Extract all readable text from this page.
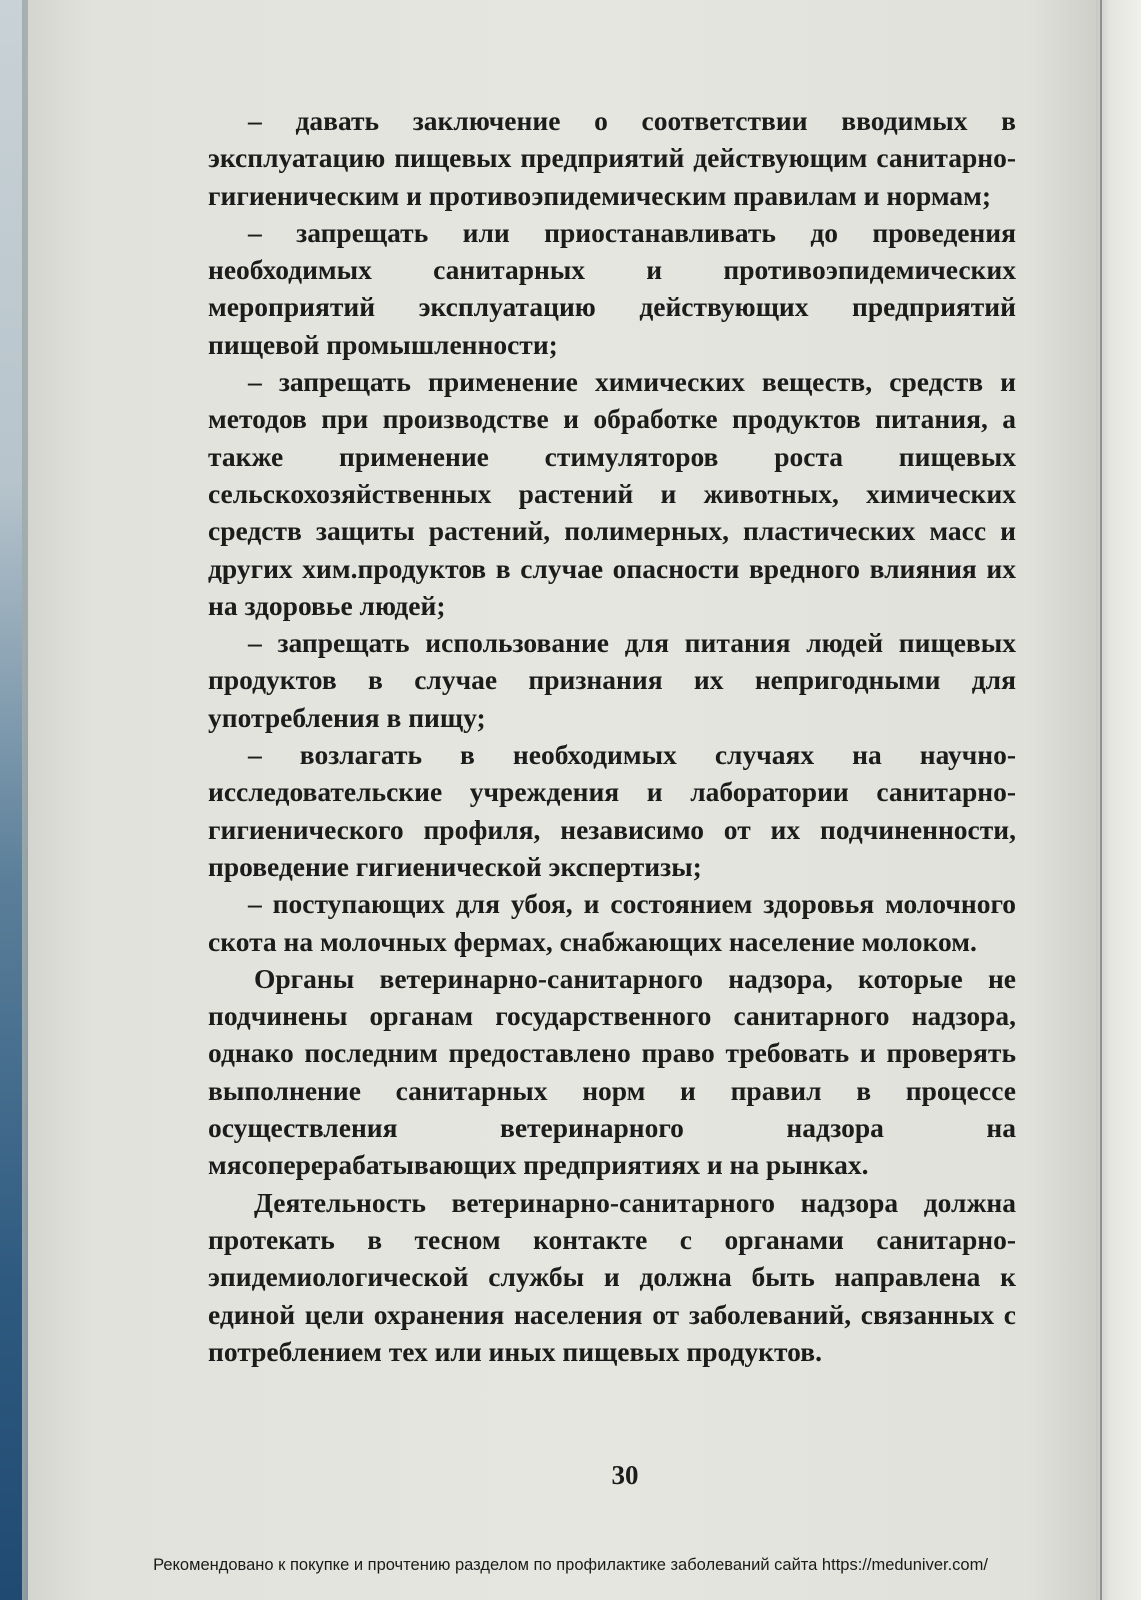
– давать заключение о соответствии вводимых в эксплуатацию пищевых предприятий действующим санитарно- гигиеническим и противоэпидемическим правилам и нормам;

– запрещать или приостанавливать до проведения необходимых санитарных и противоэпидемических мероприятий эксплуатацию действующих предприятий пищевой промышленности;

– запрещать применение химических веществ, средств и методов при производстве и обработке продуктов питания, а также применение стимуляторов роста пищевых сельскохозяйственных растений и животных, химических средств защиты растений, полимерных, пластических масс и других хим.продуктов в случае опасности вредного влияния их на здоровье людей;

– запрещать использование для питания людей пищевых продуктов в случае признания их непригодными для употребления в пищу;

– возлагать в необходимых случаях на научно-исследовательские учреждения и лаборатории санитарно- гигиенического профиля, независимо от их подчиненности, проведение гигиенической экспертизы;

– поступающих для убоя, и состоянием здоровья молочного скота на молочных фермах, снабжающих население молоком.

Органы ветеринарно-санитарного надзора, которые не подчинены органам государственного санитарного надзора, однако последним предоставлено право требовать и проверять выполнение санитарных норм и правил в процессе осуществления ветеринарного надзора на мясоперерабатывающих предприятиях и на рынках.

Деятельность ветеринарно-санитарного надзора должна протекать в тесном контакте с органами санитарно-эпидемиологической службы и должна быть направлена к единой цели охранения населения от заболеваний, связанных с потреблением тех или иных пищевых продуктов.

30
Рекомендовано к покупке и прочтению разделом по профилактике заболеваний сайта https://meduniver.com/
